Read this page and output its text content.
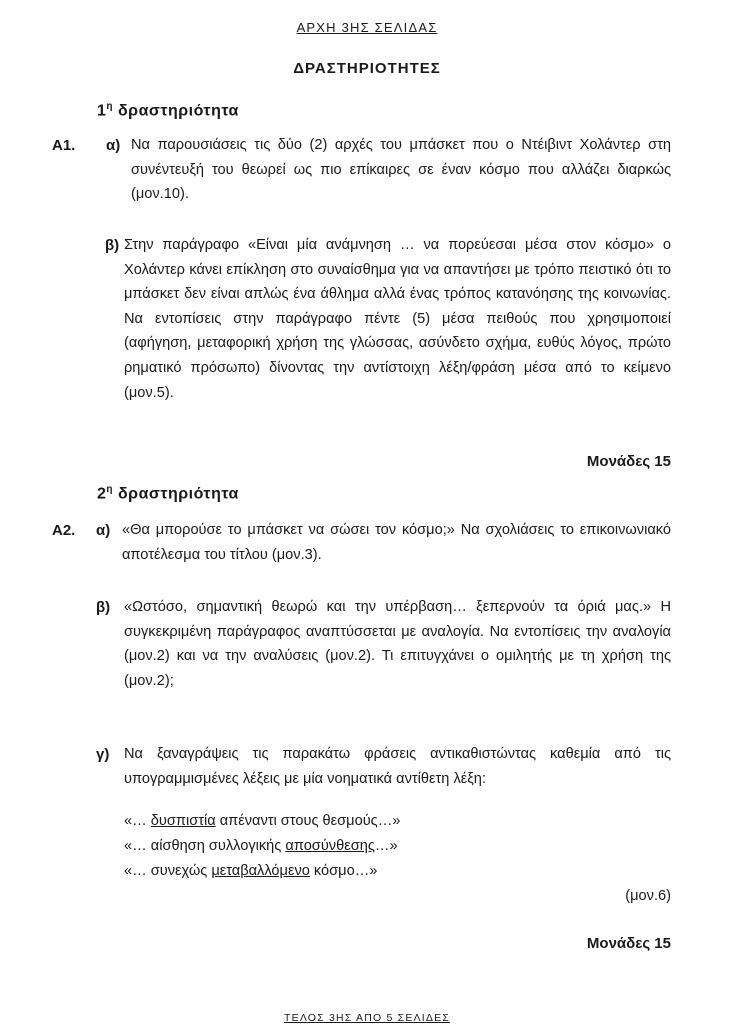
ΑΡΧΗ 3ΗΣ ΣΕΛΙΔΑΣ
ΔΡΑΣΤΗΡΙΟΤΗΤΕΣ
$1^\eta$ δραστηριότητα
Α1. α) Να παρουσιάσεις τις δύο (2) αρχές του μπάσκετ που ο Ντέιβιντ Χολάντερ στη συνέντευξή του θεωρεί ως πιο επίκαιρες σε έναν κόσμο που αλλάζει διαρκώς (μον.10).
β) Στην παράγραφο «Είναι μία ανάμνηση … να πορεύεσαι μέσα στον κόσμο» ο Χολάντερ κάνει επίκληση στο συναίσθημα για να απαντήσει με τρόπο πειστικό ότι το μπάσκετ δεν είναι απλώς ένα άθλημα αλλά ένας τρόπος κατανόησης της κοινωνίας. Να εντοπίσεις στην παράγραφο πέντε (5) μέσα πειθούς που χρησιμοποιεί (αφήγηση, μεταφορική χρήση της γλώσσας, ασύνδετο σχήμα, ευθύς λόγος, πρώτο ρηματικό πρόσωπο) δίνοντας την αντίστοιχη λέξη/φράση μέσα από το κείμενο (μον.5).
Μονάδες 15
$2^\eta$ δραστηριότητα
Α2. α) «Θα μπορούσε το μπάσκετ να σώσει τον κόσμο;» Να σχολιάσεις το επικοινωνιακό αποτέλεσμα του τίτλου (μον.3).
β) «Ωστόσο, σημαντική θεωρώ και την υπέρβαση… ξεπερνούν τα όριά μας.» Η συγκεκριμένη παράγραφος αναπτύσσεται με αναλογία. Να εντοπίσεις την αναλογία (μον.2) και να την αναλύσεις (μον.2). Τι επιτυγχάνει ο ομιλητής με τη χρήση της (μον.2);
γ) Να ξαναγράψεις τις παρακάτω φράσεις αντικαθιστώντας καθεμία από τις υπογραμμισμένες λέξεις με μία νοηματικά αντίθετη λέξη:
«… δυσπιστία απέναντι στους θεσμούς…»
«… αίσθηση συλλογικής αποσύνθεσης…»
«… συνεχώς μεταβαλλόμενο κόσμο…»
(μον.6)
Μονάδες 15
ΤΕΛΟΣ 3ΗΣ ΑΠΟ 5 ΣΕΛΙΔΕΣ
